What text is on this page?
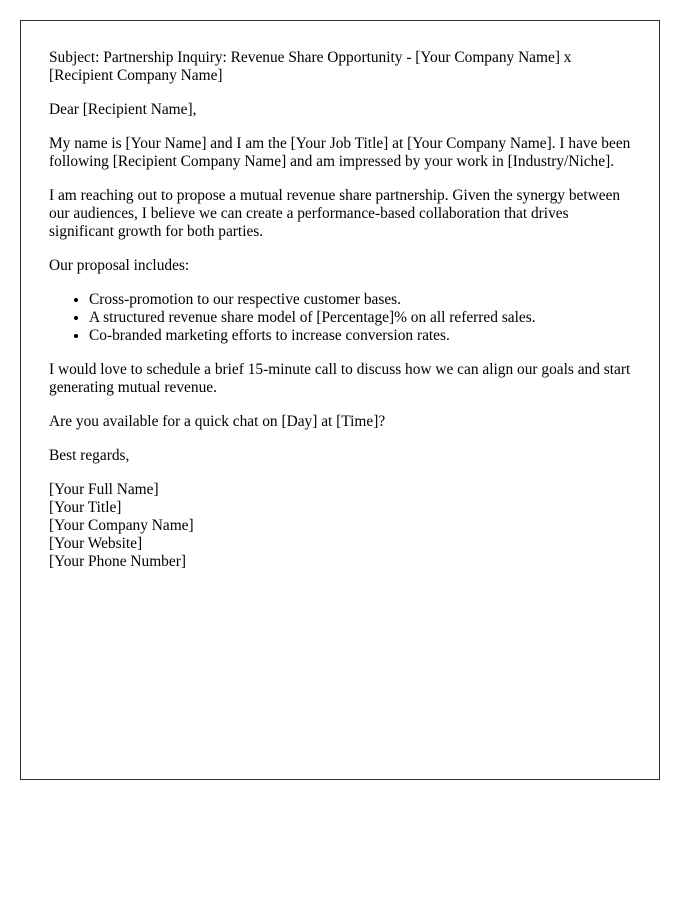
Subject: Partnership Inquiry: Revenue Share Opportunity - [Your Company Name] x [Recipient Company Name]

Dear [Recipient Name],

My name is [Your Name] and I am the [Your Job Title] at [Your Company Name]. I have been following [Recipient Company Name] and am impressed by your work in [Industry/Niche].

I am reaching out to propose a mutual revenue share partnership. Given the synergy between our audiences, I believe we can create a performance-based collaboration that drives significant growth for both parties.

Our proposal includes:

• Cross-promotion to our respective customer bases.
• A structured revenue share model of [Percentage]% on all referred sales.
• Co-branded marketing efforts to increase conversion rates.

I would love to schedule a brief 15-minute call to discuss how we can align our goals and start generating mutual revenue.

Are you available for a quick chat on [Day] at [Time]?

Best regards,

[Your Full Name]
[Your Title]
[Your Company Name]
[Your Website]
[Your Phone Number]
